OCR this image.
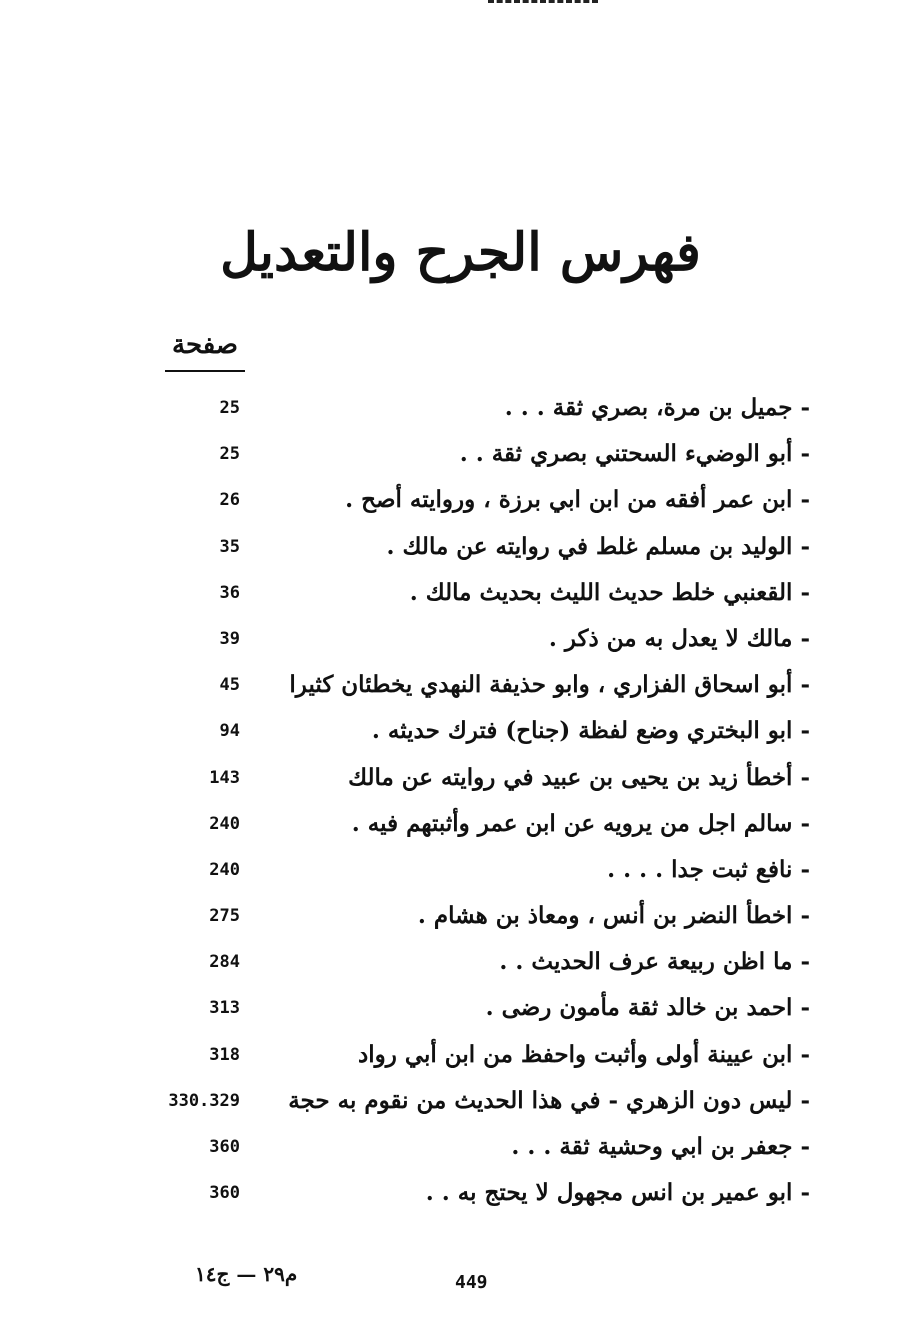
فهرس الجرح والتعديل
صفحة
- جميل بن مرة، بصري ثقة . . .
25
- أبو الوضيء السحتني بصري ثقة . .
25
- ابن عمر أفقه من ابن ابي برزة ، وروايته أصح .
26
- الوليد بن مسلم غلط في روايته عن مالك .
35
- القعنبي خلط حديث الليث بحديث مالك .
36
- مالك لا يعدل به من ذكر .
39
- أبو اسحاق الفزاري ، وابو حذيفة النهدي يخطئان كثيرا
45
- ابو البختري وضع لفظة (جناح) فترك حديثه .
94
- أخطأ زيد بن يحيى بن عبيد في روايته عن مالك
143
- سالم اجل من يرويه عن ابن عمر وأثبتهم فيه .
240
- نافع ثبت جدا . . . .
240
- اخطأ النضر بن أنس ، ومعاذ بن هشام .
275
- ما اظن ربيعة عرف الحديث . .
284
- احمد بن خالد ثقة مأمون رضى .
313
- ابن عيينة أولى وأثبت واحفظ من ابن أبي رواد
318
- ليس دون الزهري - في هذا الحديث من نقوم به حجة
330.329
- جعفر بن ابي وحشية ثقة . . .
360
- ابو عمير بن انس مجهول لا يحتج به . .
360
م٢٩ — ج١٤	449
